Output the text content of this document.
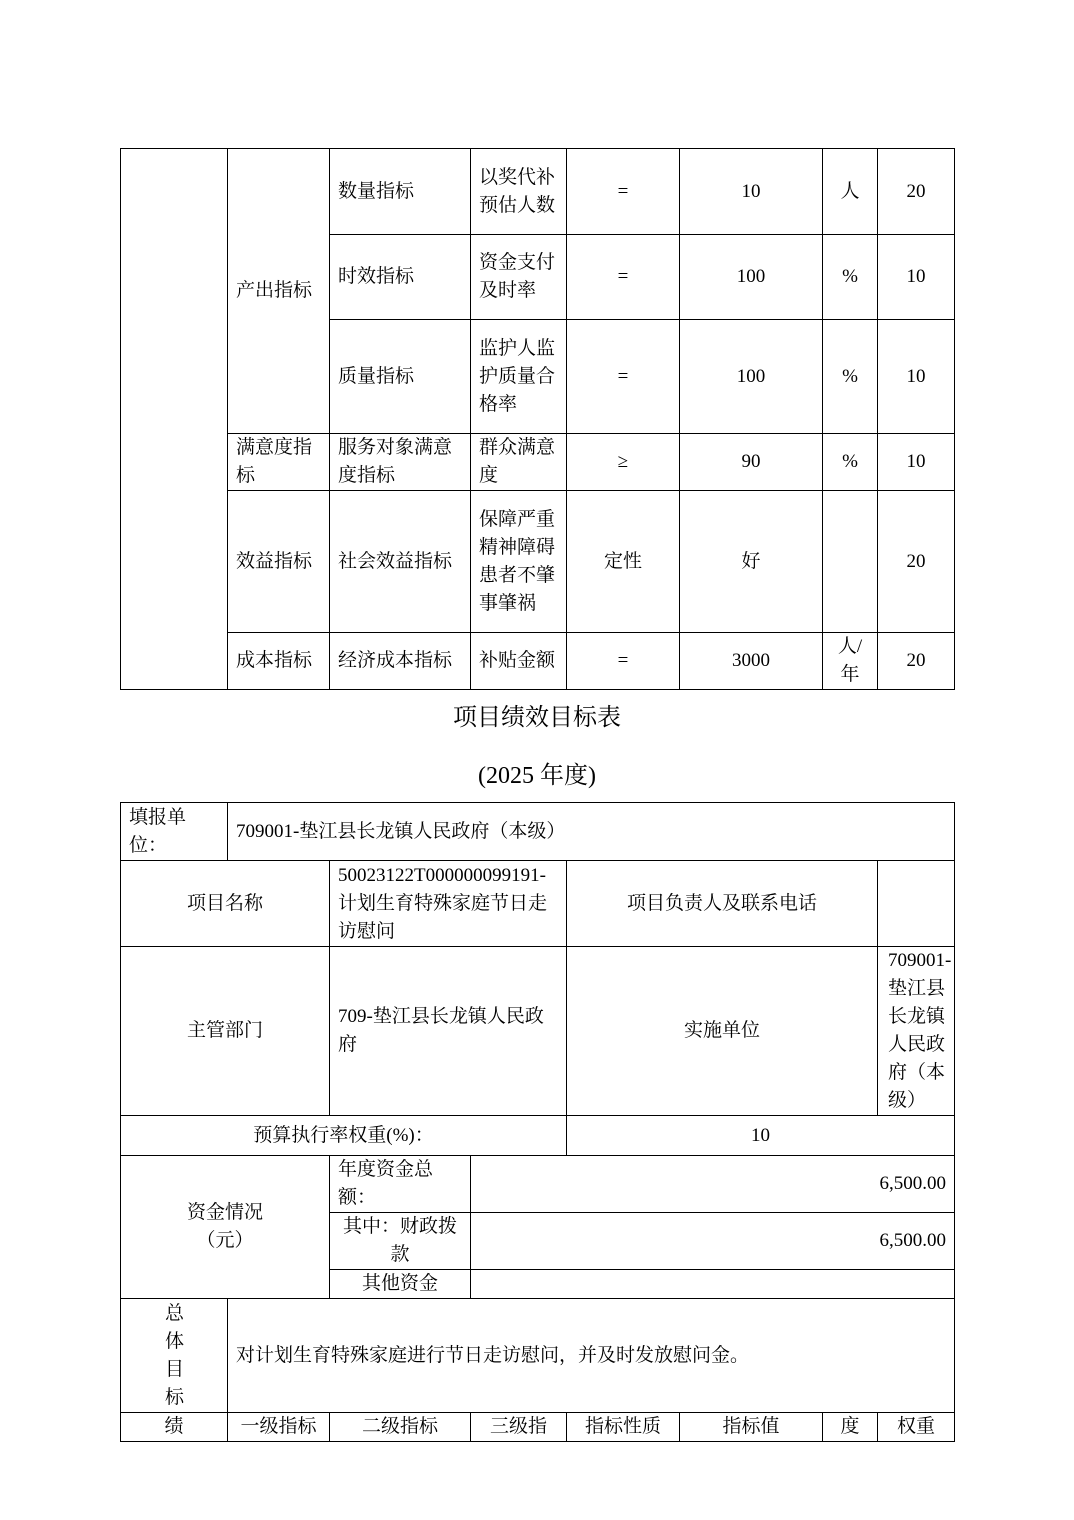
	产出指标	数量指标	以奖代补预估人数	=	10	人	20
		时效指标	资金支付及时率	=	100	%	10
		质量指标	监护人监护质量合格率	=	100	%	10
	满意度指标	服务对象满意度指标	群众满意度	≥	90	%	10
	效益指标	社会效益指标	保障严重精神障碍患者不肇事肇祸	定性	好		20
	成本指标	经济成本指标	补贴金额	=	3000	人/年	20
项目绩效目标表
(2025 年度)
填报单位：	709001-垫江县长龙镇人民政府（本级）						
项目名称		50023122T000000099191-计划生育特殊家庭节日走访慰问		项目负责人及联系电话			
主管部门		709-垫江县长龙镇人民政府		实施单位			709001-垫江县长龙镇人民政府（本级）
预算执行率权重(%)：				10			
资金情况（元）		年度资金总额：	6,500.00				
		其中：财政拨款	6,500.00				
		其他资金					
总体目标	对计划生育特殊家庭进行节日走访慰问，并及时发放慰问金。						
绩	一级指标	二级指标	三级指	指标性质	指标值	度	权重
